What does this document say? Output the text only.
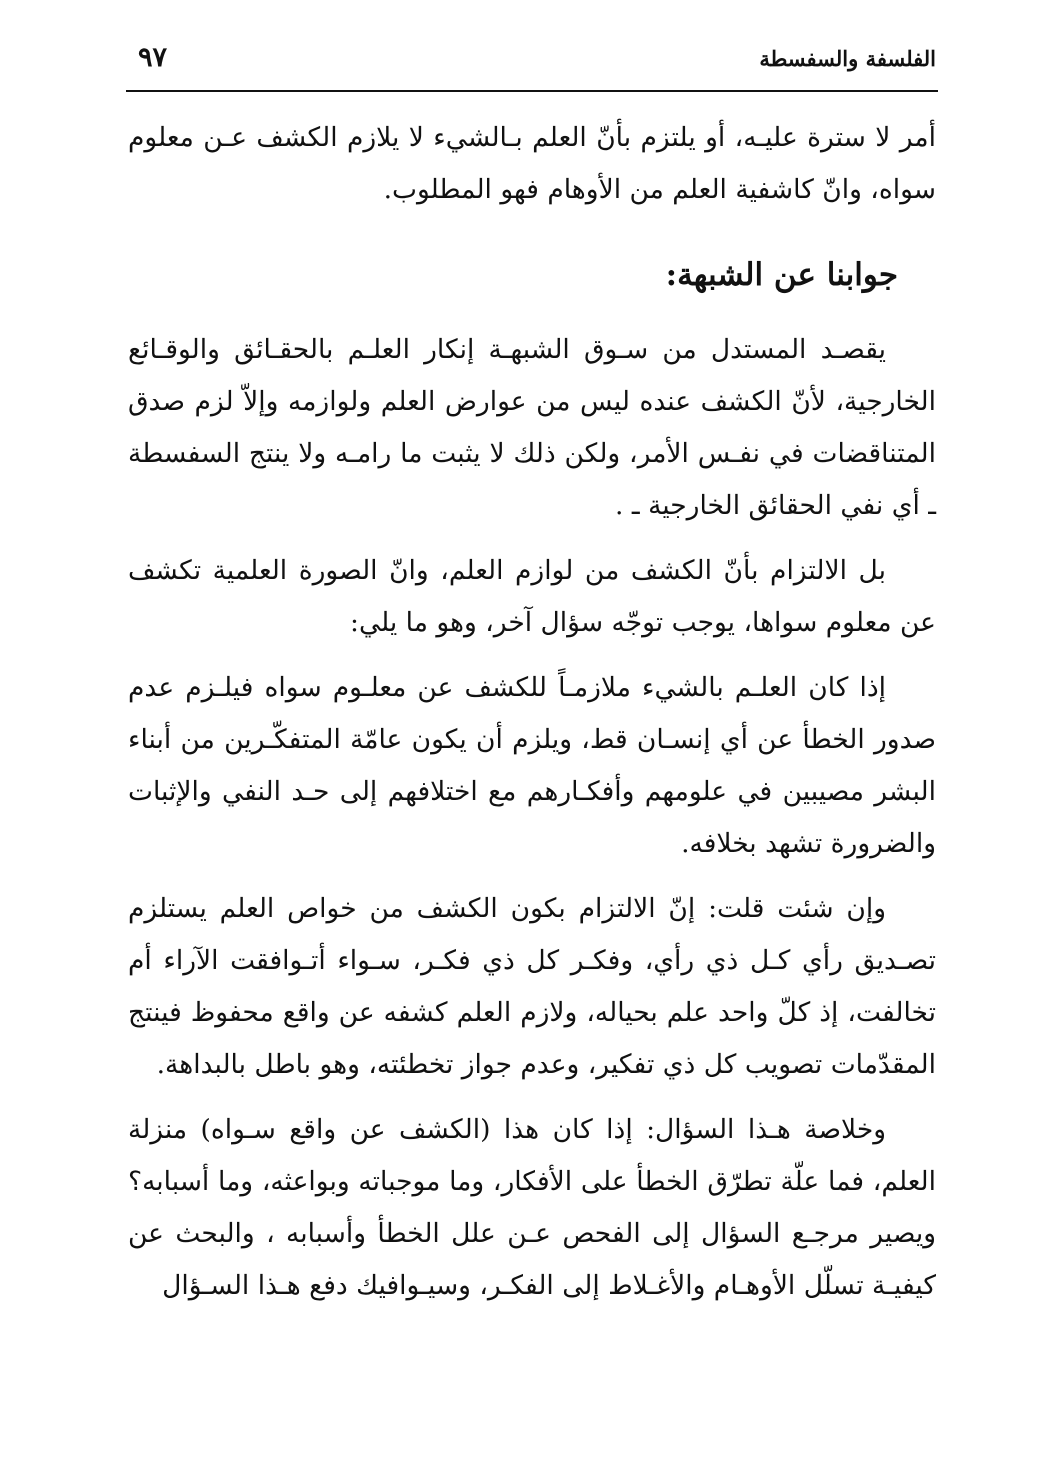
الفلسفة والسفسطة
٩٧

أمر لا سترة عليـه، أو يلتزم بأنّ العلم بـالشيء لا يلازم الكشف عـن معلوم سواه، وانّ كاشفية العلم من الأوهام فهو المطلوب.

جوابنا عن الشبهة:

يقصـد المستدل من سـوق الشبهـة إنكار العلـم بالحقـائق والوقـائع الخارجية، لأنّ الكشف عنده ليس من عوارض العلم ولوازمه وإلاّ لزم صدق المتناقضات في نفـس الأمر، ولكن ذلك لا يثبت ما رامـه ولا ينتج السفسطة ـ أي نفي الحقائق الخارجية ـ .

بل الالتزام بأنّ الكشف من لوازم العلم، وانّ الصورة العلمية تكشف عن معلوم سواها، يوجب توجّه سؤال آخر، وهو ما يلي:

إذا كان العلـم بالشيء ملازمـاً للكشف عن معلـوم سواه فيلـزم عدم صدور الخطأ عن أي إنسـان قط، ويلزم أن يكون عامّة المتفكّـرين من أبناء البشر مصيبين في علومهم وأفكـارهم مع اختلافهم إلى حـد النفي والإثبات والضرورة تشهد بخلافه.

وإن شئت قلت: إنّ الالتزام بكون الكشف من خواص العلم يستلزم تصـديق رأي كـل ذي رأي، وفكـر كل ذي فكـر، سـواء أتـوافقت الآراء أم تخالفت، إذ كلّ واحد علم بحياله، ولازم العلم كشفه عن واقع محفوظ فينتج المقدّمات تصويب كل ذي تفكير، وعدم جواز تخطئته، وهو باطل بالبداهة.

وخلاصة هـذا السؤال: إذا كان هذا (الكشف عن واقع سـواه) منزلة العلم، فما علّة تطرّق الخطأ على الأفكار، وما موجباته وبواعثه، وما أسبابه؟ ويصير مرجـع السؤال إلى الفحص عـن علل الخطأ وأسبابه ، والبحث عن كيفيـة تسلّل الأوهـام والأغـلاط إلى الفكـر، وسيـوافيك دفع هـذا السـؤال
